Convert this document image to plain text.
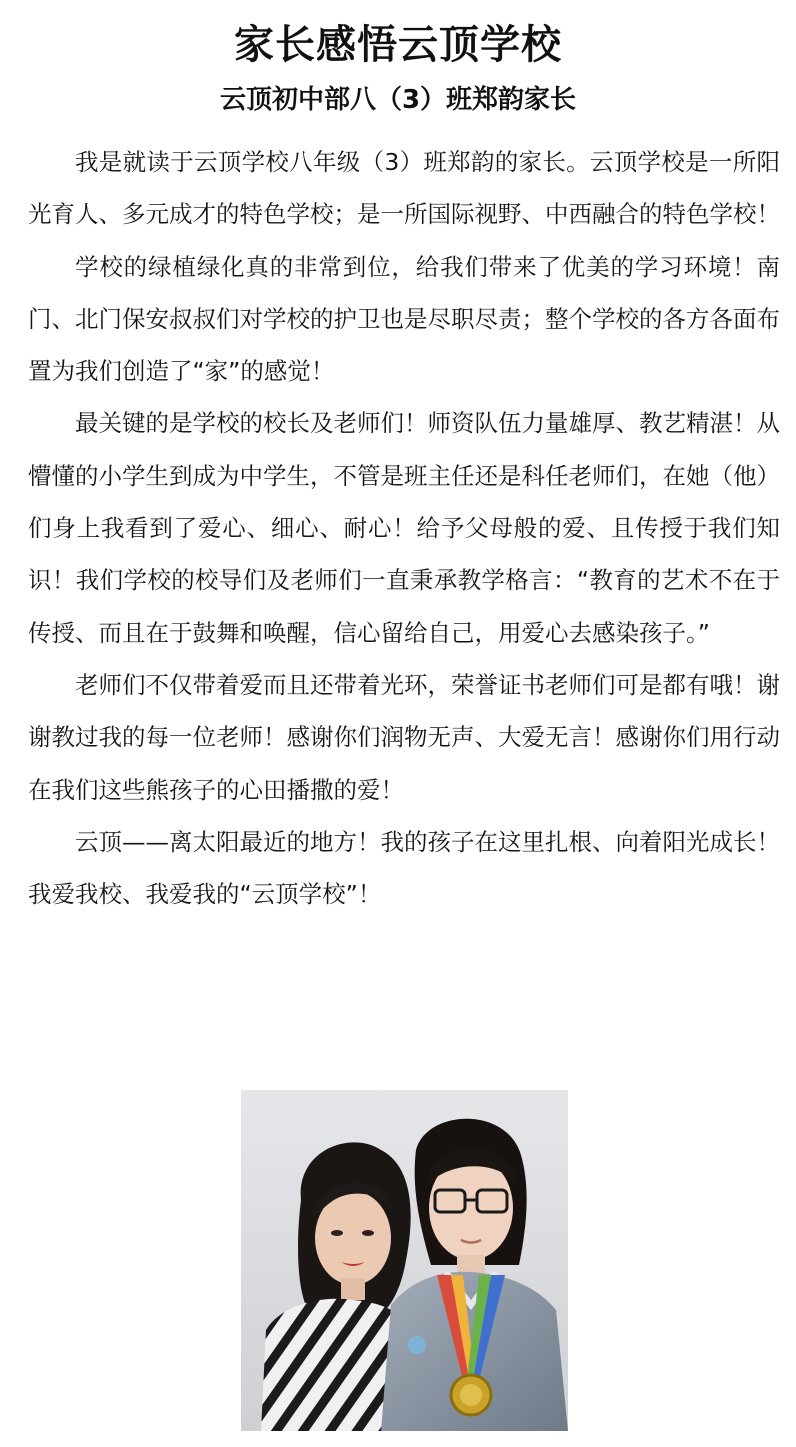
家长感悟云顶学校
云顶初中部八（3）班郑韵家长

我是就读于云顶学校八年级（3）班郑韵的家长。云顶学校是一所阳光育人、多元成才的特色学校；是一所国际视野、中西融合的特色学校！

学校的绿植绿化真的非常到位，给我们带来了优美的学习环境！南门、北门保安叔叔们对学校的护卫也是尽职尽责；整个学校的各方各面布置为我们创造了“家”的感觉！

最关键的是学校的校长及老师们！师资队伍力量雄厚、教艺精湛！从懵懂的小学生到成为中学生，不管是班主任还是科任老师们，在她（他）们身上我看到了爱心、细心、耐心！给予父母般的爱、且传授于我们知识！我们学校的校导们及老师们一直秉承教学格言：“教育的艺术不在于传授、而且在于鼓舞和唤醒，信心留给自己，用爱心去感染孩子。”

老师们不仅带着爱而且还带着光环，荣誉证书老师们可是都有哦！谢谢教过我的每一位老师！感谢你们润物无声、大爱无言！感谢你们用行动在我们这些熊孩子的心田播撒的爱！

云顶——离太阳最近的地方！我的孩子在这里扎根、向着阳光成长！我爱我校、我爱我的“云顶学校”！
